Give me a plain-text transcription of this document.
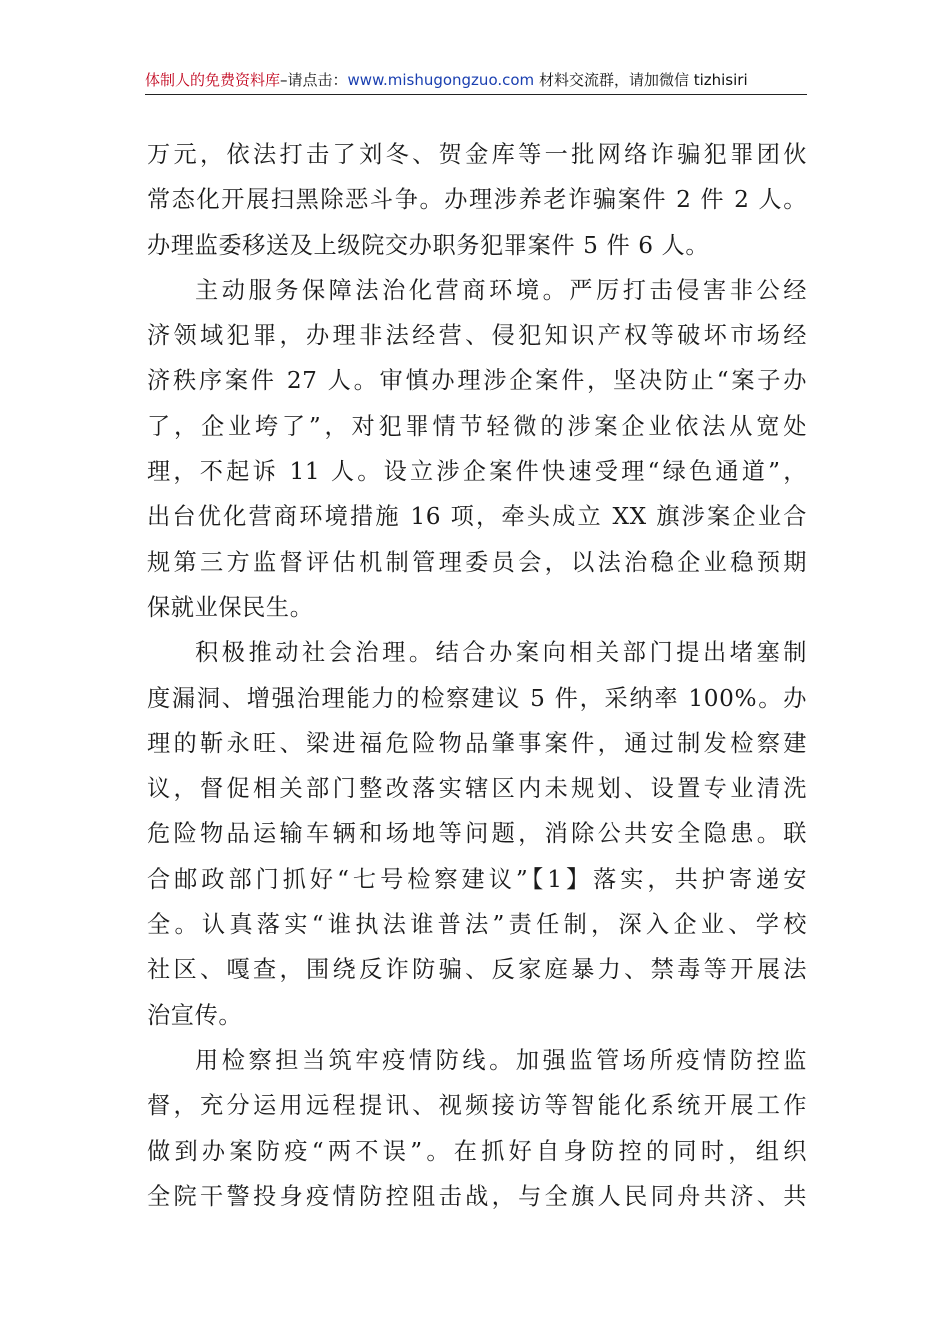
体制人的免费资料库–请点击：www.mishugongzuo.com 材料交流群，请加微信 tizhisiri
万元，依法打击了刘冬、贺金库等一批网络诈骗犯罪团伙
常态化开展扫黑除恶斗争。办理涉养老诈骗案件 2 件 2 人。
办理监委移送及上级院交办职务犯罪案件 5 件 6 人。
主动服务保障法治化营商环境。严厉打击侵害非公经
济领域犯罪，办理非法经营、侵犯知识产权等破坏市场经
济秩序案件 27 人。审慎办理涉企案件，坚决防止“案子办
了，企业垮了”，对犯罪情节轻微的涉案企业依法从宽处
理，不起诉 11 人。设立涉企案件快速受理“绿色通道”，
出台优化营商环境措施 16 项，牵头成立 XX 旗涉案企业合
规第三方监督评估机制管理委员会，以法治稳企业稳预期
保就业保民生。
积极推动社会治理。结合办案向相关部门提出堵塞制
度漏洞、增强治理能力的检察建议 5 件，采纳率 100%。办
理的靳永旺、梁进福危险物品肇事案件，通过制发检察建
议，督促相关部门整改落实辖区内未规划、设置专业清洗
危险物品运输车辆和场地等问题，消除公共安全隐患。联
合邮政部门抓好“七号检察建议”【1】落实，共护寄递安
全。认真落实“谁执法谁普法”责任制，深入企业、学校
社区、嘎查，围绕反诈防骗、反家庭暴力、禁毒等开展法
治宣传。
用检察担当筑牢疫情防线。加强监管场所疫情防控监
督，充分运用远程提讯、视频接访等智能化系统开展工作
做到办案防疫“两不误”。在抓好自身防控的同时，组织
全院干警投身疫情防控阻击战，与全旗人民同舟共济、共
